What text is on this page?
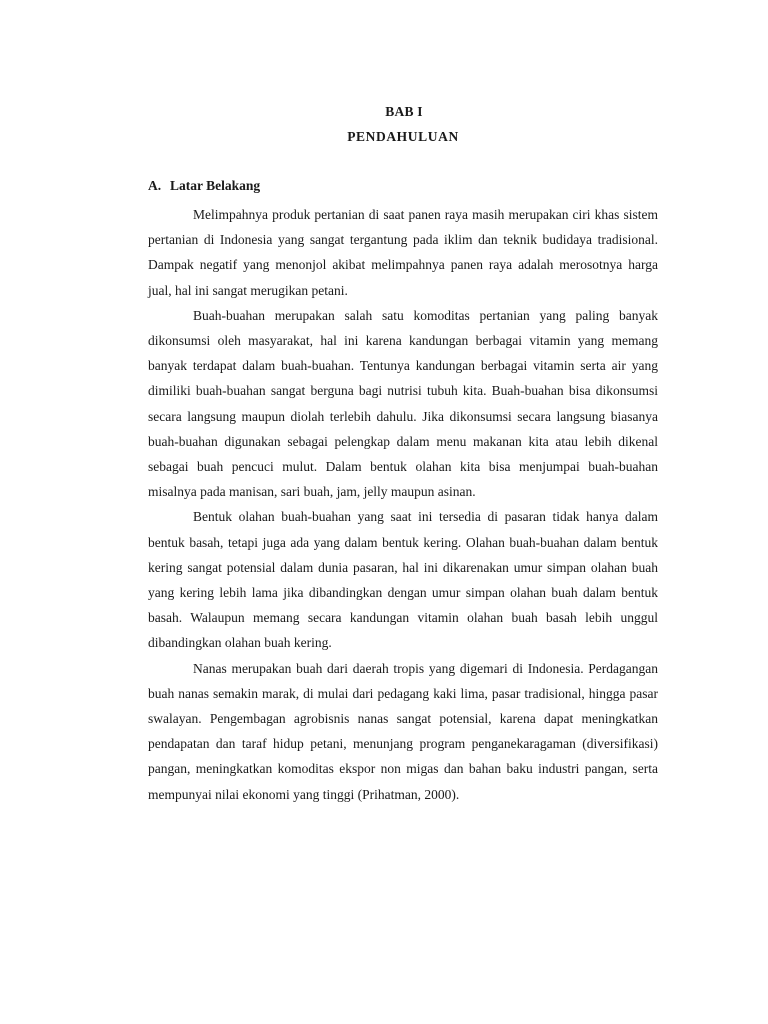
BAB I
PENDAHULUAN
A. Latar Belakang

Melimpahnya produk pertanian di saat panen raya masih merupakan ciri khas sistem pertanian di Indonesia yang sangat tergantung pada iklim dan teknik budidaya tradisional. Dampak negatif yang menonjol akibat melimpahnya panen raya adalah merosotnya harga jual, hal ini sangat merugikan petani.

Buah-buahan merupakan salah satu komoditas pertanian yang paling banyak dikonsumsi oleh masyarakat, hal ini karena kandungan berbagai vitamin yang memang banyak terdapat dalam buah-buahan. Tentunya kandungan berbagai vitamin serta air yang dimiliki buah-buahan sangat berguna bagi nutrisi tubuh kita. Buah-buahan bisa dikonsumsi secara langsung maupun diolah terlebih dahulu. Jika dikonsumsi secara langsung biasanya buah-buahan digunakan sebagai pelengkap dalam menu makanan kita atau lebih dikenal sebagai buah pencuci mulut. Dalam bentuk olahan kita bisa menjumpai buah-buahan misalnya pada manisan, sari buah, jam, jelly maupun asinan.

Bentuk olahan buah-buahan yang saat ini tersedia di pasaran tidak hanya dalam bentuk basah, tetapi juga ada yang dalam bentuk kering. Olahan buah-buahan dalam bentuk kering sangat potensial dalam dunia pasaran, hal ini dikarenakan umur simpan olahan buah yang kering lebih lama jika dibandingkan dengan umur simpan olahan buah dalam bentuk basah. Walaupun memang secara kandungan vitamin olahan buah basah lebih unggul dibandingkan olahan buah kering.

Nanas merupakan buah dari daerah tropis yang digemari di Indonesia. Perdagangan buah nanas semakin marak, di mulai dari pedagang kaki lima, pasar tradisional, hingga pasar swalayan. Pengembagan agrobisnis nanas sangat potensial, karena dapat meningkatkan pendapatan dan taraf hidup petani, menunjang program penganekaragaman (diversifikasi) pangan, meningkatkan komoditas ekspor non migas dan bahan baku industri pangan, serta mempunyai nilai ekonomi yang tinggi (Prihatman, 2000).
